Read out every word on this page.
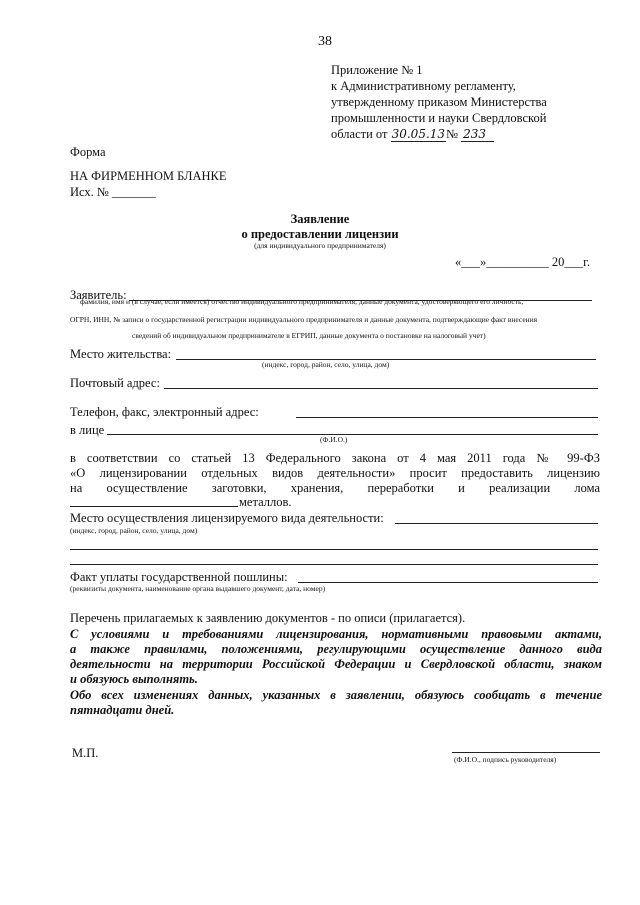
38
Приложение № 1
к Административному регламенту,
утвержденному приказом Министерства
промышленности и науки Свердловской
области от 30.05.13№ 233
Форма
НА ФИРМЕННОМ БЛАНКЕ
Исх. № _______
Заявление
о предоставлении лицензии
(для индивидуального предпринимателя)
«___»__________ 20___г.
Заявитель:
фамилия, имя и (в случае, если имеется) отчество индивидуального предпринимателя, данные документа, удостоверяющего его личность,
ОГРН, ИНН, № записи о государственной регистрации индивидуального предпринимателя и данные документа, подтверждающие факт внесения
сведений об индивидуальном предпринимателе в ЕГРИП, данные документа о постановке на налоговый учет)
Место жительства:
(индекс, город, район, село, улица, дом)
Почтовый адрес:
Телефон, факс, электронный адрес:
в лице
(Ф.И.О.)
в соответствии со статьей 13 Федерального закона от 4 мая 2011 года № 99-ФЗ
«О лицензировании отдельных видов деятельности» просит предоставить лицензию
на осуществление заготовки, хранения, переработки и реализации лома
металлов.
Место осуществления лицензируемого вида деятельности:
(индекс, город, район, село, улица, дом)
Факт уплаты государственной пошлины:
(реквизиты документа, наименование органа выдавшего документ, дата, номер)
Перечень прилагаемых к заявлению документов - по описи (прилагается).
С условиями и требованиями лицензирования, нормативными правовыми актами,
а также правилами, положениями, регулирующими осуществление данного вида
деятельности на территории Российской Федерации и Свердловской области, знаком
и обязуюсь выполнять.
Обо всех изменениях данных, указанных в заявлении, обязуюсь сообщать в течение
пятнадцати дней.
М.П.	(Ф.И.О., подпись руководителя)
